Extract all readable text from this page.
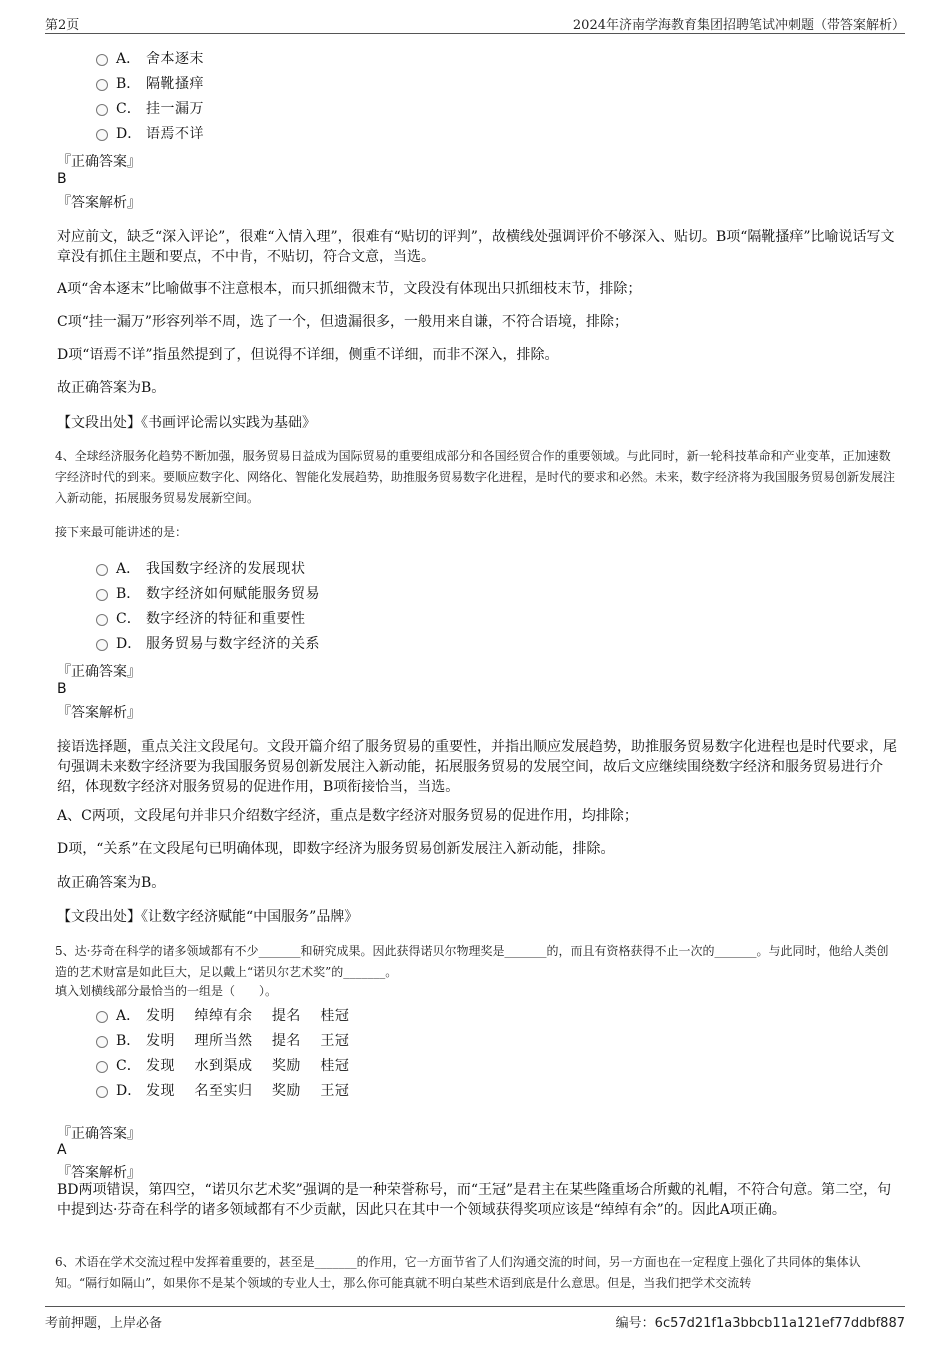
第2页	2024年济南学海教育集团招聘笔试冲刺题（带答案解析）
A． 舍本逐末
B． 隔靴搔痒
C． 挂一漏万
D． 语焉不详
『正确答案』
B
『答案解析』
对应前文，缺乏“深入评论”，很难“入情入理”，很难有“贴切的评判”，故横线处强调评价不够深入、贴切。B项“隔靴搔痒”比喻说话写文章没有抓住主题和要点，不中肯，不贴切，符合文意，当选。
A项“舍本逐末”比喻做事不注意根本，而只抓细微末节，文段没有体现出只抓细枝末节，排除；
C项“挂一漏万”形容列举不周，选了一个，但遗漏很多，一般用来自谦，不符合语境，排除；
D项“语焉不详”指虽然提到了，但说得不详细，侧重不详细，而非不深入，排除。
故正确答案为B。
【文段出处】《书画评论需以实践为基础》
4、全球经济服务化趋势不断加强，服务贸易日益成为国际贸易的重要组成部分和各国经贸合作的重要领域。与此同时，新一轮科技革命和产业变革，正加速数字经济时代的到来。要顺应数字化、网络化、智能化发展趋势，助推服务贸易数字化进程，是时代的要求和必然。未来，数字经济将为我国服务贸易创新发展注入新动能，拓展服务贸易发展新空间。
接下来最可能讲述的是：
A． 我国数字经济的发展现状
B． 数字经济如何赋能服务贸易
C． 数字经济的特征和重要性
D． 服务贸易与数字经济的关系
『正确答案』
B
『答案解析』
接语选择题，重点关注文段尾句。文段开篇介绍了服务贸易的重要性，并指出顺应发展趋势，助推服务贸易数字化进程也是时代要求，尾句强调未来数字经济要为我国服务贸易创新发展注入新动能，拓展服务贸易的发展空间，故后文应继续围绕数字经济和服务贸易进行介绍，体现数字经济对服务贸易的促进作用，B项衔接恰当，当选。
A、C两项，文段尾句并非只介绍数字经济，重点是数字经济对服务贸易的促进作用，均排除；
D项，“关系”在文段尾句已明确体现，即数字经济为服务贸易创新发展注入新动能，排除。
故正确答案为B。
【文段出处】《让数字经济赋能“中国服务”品牌》
5、达·芬奇在科学的诸多领域都有不少_______和研究成果。因此获得诺贝尔物理奖是_______的，而且有资格获得不止一次的_______。与此同时，他给人类创造的艺术财富是如此巨大，足以戴上“诺贝尔艺术奖”的_______。
填入划横线部分最恰当的一组是（　　）。
A． 发明　 绰绰有余　 提名　 桂冠
B． 发明　 理所当然　 提名　 王冠
C． 发现　 水到渠成　 奖励　 桂冠
D． 发现　 名至实归　 奖励　 王冠
『正确答案』
A
『答案解析』
BD两项错误，第四空，“诺贝尔艺术奖”强调的是一种荣誉称号，而“王冠”是君主在某些隆重场合所戴的礼帽，不符合句意。第二空，句中提到达·芬奇在科学的诸多领域都有不少贡献，因此只在其中一个领域获得奖项应该是“绰绰有余”的。因此A项正确。
6、术语在学术交流过程中发挥着重要的，甚至是_______的作用，它一方面节省了人们沟通交流的时间，另一方面也在一定程度上强化了共同体的集体认知。“隔行如隔山”，如果你不是某个领域的专业人士，那么你可能真就不明白某些术语到底是什么意思。但是，当我们把学术交流转
考前押题，上岸必备	编号：6c57d21f1a3bbcb11a121ef77ddbf887
